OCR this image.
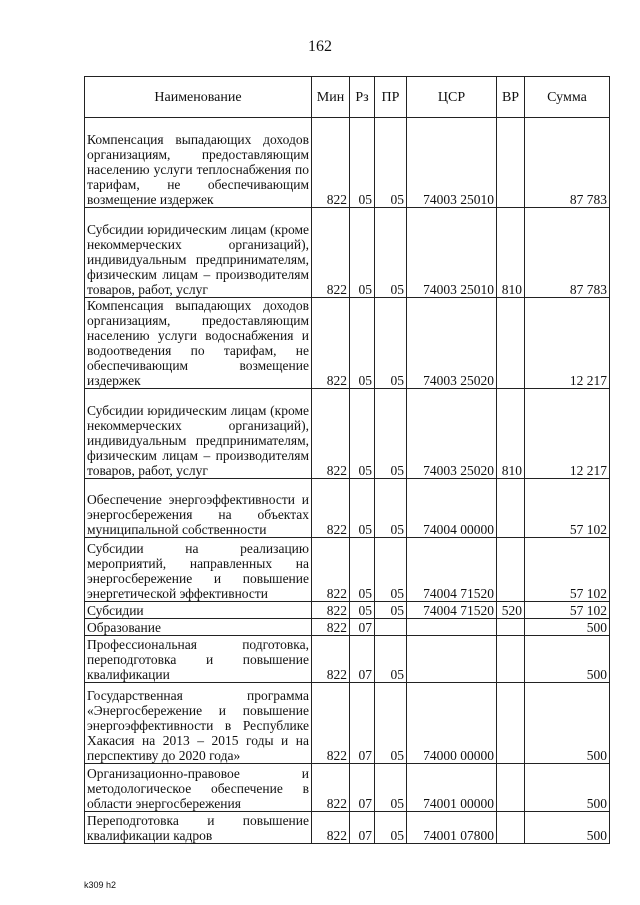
162
Наименование	Мин	Рз	ПР	ЦСР	ВР	Сумма

Компенсация выпадающих доходов организациям, предоставляющим населению услуги теплоснабжения по тарифам, не обеспечивающим возмещение издержек	822	05	05	74003 25010		87 783

Субсидии юридическим лицам (кроме некоммерческих организаций), индивидуальным предпринимателям, физическим лицам – производителям товаров, работ, услуг	822	05	05	74003 25010	810	87 783

Компенсация выпадающих доходов организациям, предоставляющим населению услуги водоснабжения и водоотведения по тарифам, не обеспечивающим возмещение издержек	822	05	05	74003 25020		12 217

Субсидии юридическим лицам (кроме некоммерческих организаций), индивидуальным предпринимателям, физическим лицам – производителям товаров, работ, услуг	822	05	05	74003 25020	810	12 217

Обеспечение энергоэффективности и энергосбережения на объектах муниципальной собственности	822	05	05	74004 00000		57 102

Субсидии на реализацию мероприятий, направленных на энергосбережение и повышение энергетической эффективности	822	05	05	74004 71520		57 102

Субсидии	822	05	05	74004 71520	520	57 102

Образование	822	07				500

Профессиональная подготовка, переподготовка и повышение квалификации	822	07	05			500

Государственная программа «Энергосбережение и повышение энергоэффективности в Республике Хакасия на 2013 – 2015 годы и на перспективу до 2020 года»	822	07	05	74000 00000		500

Организационно-правовое и методологическое обеспечение в области энергосбережения	822	07	05	74001 00000		500

Переподготовка и повышение квалификации кадров	822	07	05	74001 07800		500
k309 h2
